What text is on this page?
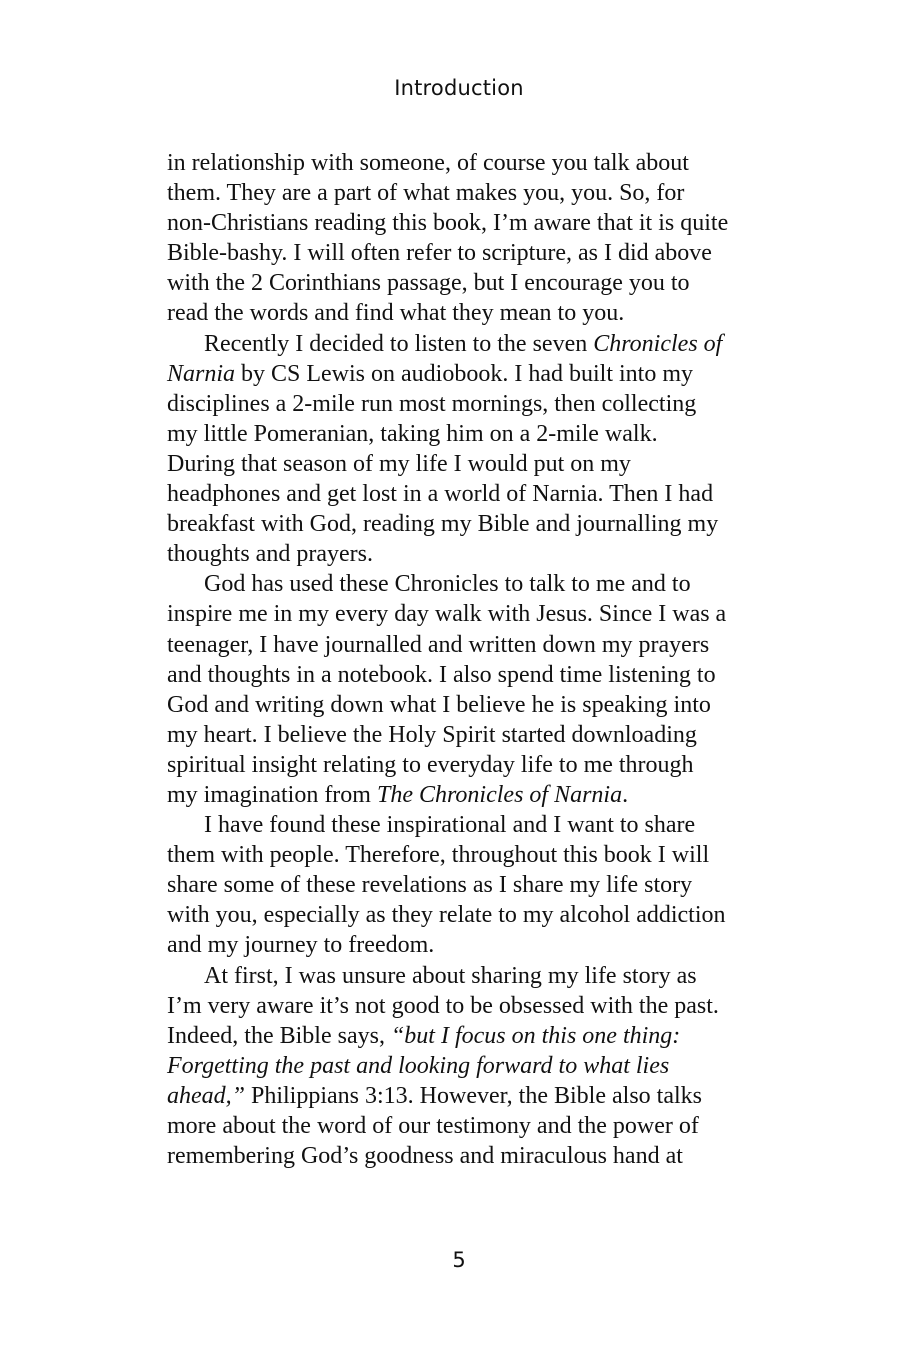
Introduction

in relationship with someone, of course you talk about
them. They are a part of what makes you, you. So, for
non-Christians reading this book, I’m aware that it is quite
Bible-bashy. I will often refer to scripture, as I did above
with the 2 Corinthians passage, but I encourage you to
read the words and find what they mean to you.

Recently I decided to listen to the seven Chronicles of
Narnia by CS Lewis on audiobook. I had built into my
disciplines a 2-mile run most mornings, then collecting
my little Pomeranian, taking him on a 2-mile walk.
During that season of my life I would put on my
headphones and get lost in a world of Narnia. Then I had
breakfast with God, reading my Bible and journalling my
thoughts and prayers.

God has used these Chronicles to talk to me and to
inspire me in my every day walk with Jesus. Since I was a
teenager, I have journalled and written down my prayers
and thoughts in a notebook. I also spend time listening to
God and writing down what I believe he is speaking into
my heart. I believe the Holy Spirit started downloading
spiritual insight relating to everyday life to me through
my imagination from The Chronicles of Narnia.

I have found these inspirational and I want to share
them with people. Therefore, throughout this book I will
share some of these revelations as I share my life story
with you, especially as they relate to my alcohol addiction
and my journey to freedom.

At first, I was unsure about sharing my life story as
I’m very aware it’s not good to be obsessed with the past.
Indeed, the Bible says, “but I focus on this one thing:
Forgetting the past and looking forward to what lies
ahead,” Philippians 3:13. However, the Bible also talks
more about the word of our testimony and the power of
remembering God’s goodness and miraculous hand at

5
